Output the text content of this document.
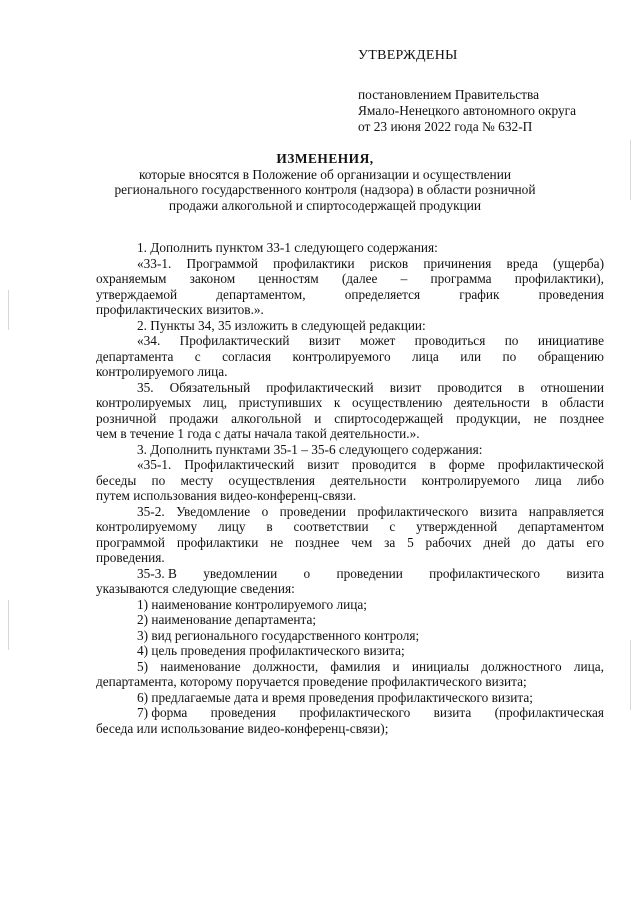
УТВЕРЖДЕНЫ
постановлением Правительства
Ямало-Ненецкого автономного округа
от 23 июня 2022 года № 632-П
ИЗМЕНЕНИЯ,
которые вносятся в Положение об организации и осуществлении
регионального государственного контроля (надзора) в области розничной
продажи алкогольной и спиртосодержащей продукции
1. Дополнить пунктом 33-1 следующего содержания:
«33-1. Программой профилактики рисков причинения вреда (ущерба)
охраняемым законом ценностям (далее – программа профилактики),
утверждаемой	департаментом,	определяется	график	проведения
профилактических визитов.».
2. Пункты 34, 35 изложить в следующей редакции:
«34. Профилактический визит может проводиться по инициативе
департамента с согласия контролируемого лица или по обращению
контролируемого лица.
35. Обязательный профилактический визит проводится в отношении
контролируемых лиц, приступивших к осуществлению деятельности в области
розничной продажи алкогольной и спиртосодержащей продукции, не позднее
чем в течение 1 года с даты начала такой деятельности.».
3. Дополнить пунктами 35-1 – 35-6 следующего содержания:
«35-1. Профилактический визит проводится в форме профилактической
беседы по месту осуществления деятельности контролируемого лица либо
путем использования видео-конференц-связи.
35-2. Уведомление о проведении профилактического визита направляется
контролируемому лицу в соответствии с утвержденной департаментом
программой профилактики не позднее чем за 5 рабочих дней до даты его
проведения.
35-3. В уведомлении о проведении профилактического визита
указываются следующие сведения:
1) наименование контролируемого лица;
2) наименование департамента;
3) вид регионального государственного контроля;
4) цель проведения профилактического визита;
5) наименование должности, фамилия и инициалы должностного лица,
департамента, которому поручается проведение профилактического визита;
6) предлагаемые дата и время проведения профилактического визита;
7) форма проведения профилактического визита (профилактическая
беседа или использование видео-конференц-связи);
